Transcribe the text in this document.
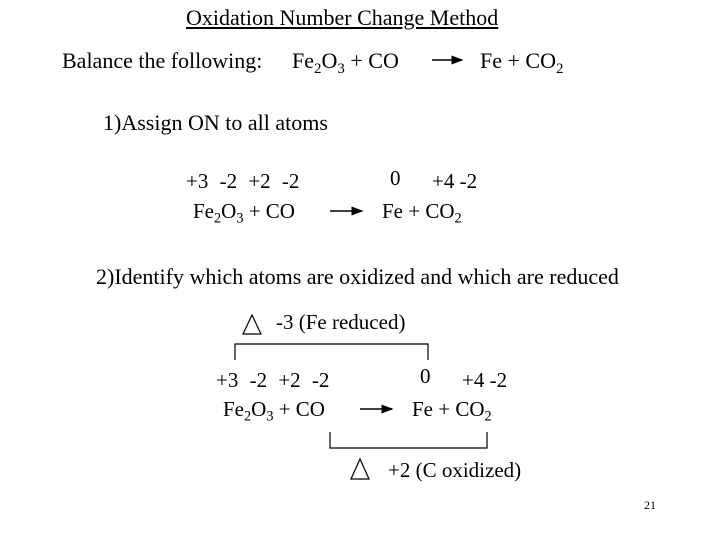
Oxidation Number Change Method
Balance the following: $Fe_2O_3$ + CO	$Fe + CO_2$
1)Assign ON to all atoms
+3 -2 +2 -2	0 +4 -2
$Fe_2O_3$ + CO	$Fe + CO_2$
2)Identify which atoms are oxidized and which are reduced
-3 (Fe reduced)
+3 -2 +2 -2	0 +4 -2
$Fe_2O_3$ + CO	$Fe + CO_2$
+2 (C oxidized)
21
